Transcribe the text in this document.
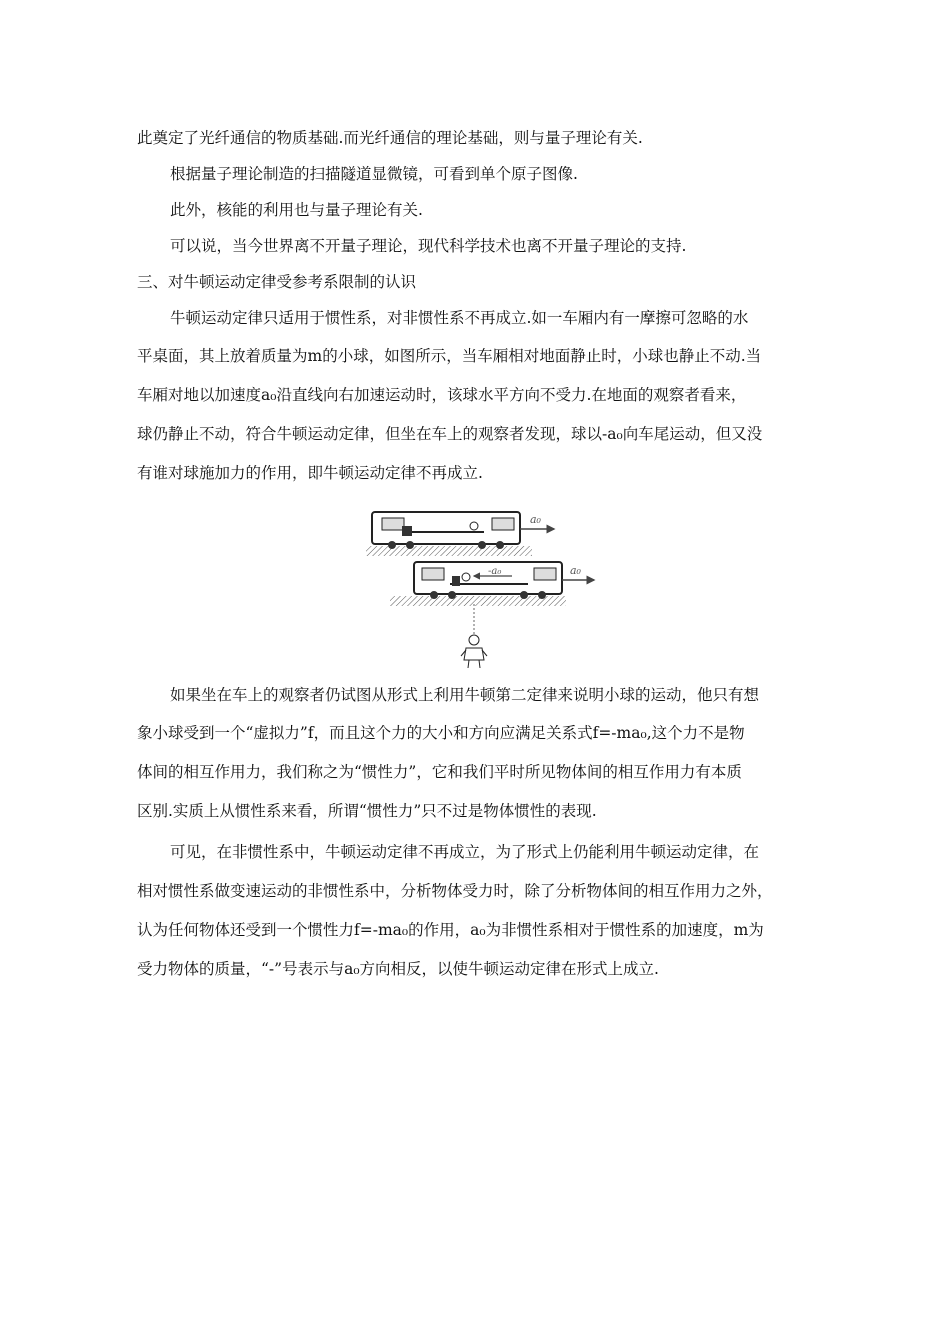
此奠定了光纤通信的物质基础.而光纤通信的理论基础，则与量子理论有关.
根据量子理论制造的扫描隧道显微镜，可看到单个原子图像.
此外，核能的利用也与量子理论有关.
可以说，当今世界离不开量子理论，现代科学技术也离不开量子理论的支持.
三、对牛顿运动定律受参考系限制的认识
牛顿运动定律只适用于惯性系，对非惯性系不再成立.如一车厢内有一摩擦可忽略的水
平桌面，其上放着质量为m的小球，如图所示，当车厢相对地面静止时，小球也静止不动.当
车厢对地以加速度a₀沿直线向右加速运动时，该球水平方向不受力.在地面的观察者看来，
球仍静止不动，符合牛顿运动定律，但坐在车上的观察者发现，球以-a₀向车尾运动，但又没
有谁对球施加力的作用，即牛顿运动定律不再成立.
a₀
-a₀	a₀
如果坐在车上的观察者仍试图从形式上利用牛顿第二定律来说明小球的运动，他只有想
象小球受到一个“虚拟力”f，而且这个力的大小和方向应满足关系式f=-ma₀,这个力不是物
体间的相互作用力，我们称之为“惯性力”，它和我们平时所见物体间的相互作用力有本质
区别.实质上从惯性系来看，所谓“惯性力”只不过是物体惯性的表现.
可见，在非惯性系中，牛顿运动定律不再成立，为了形式上仍能利用牛顿运动定律，在
相对惯性系做变速运动的非惯性系中，分析物体受力时，除了分析物体间的相互作用力之外，
认为任何物体还受到一个惯性力f=-ma₀的作用，a₀为非惯性系相对于惯性系的加速度，m为
受力物体的质量，“-”号表示与a₀方向相反，以使牛顿运动定律在形式上成立.
